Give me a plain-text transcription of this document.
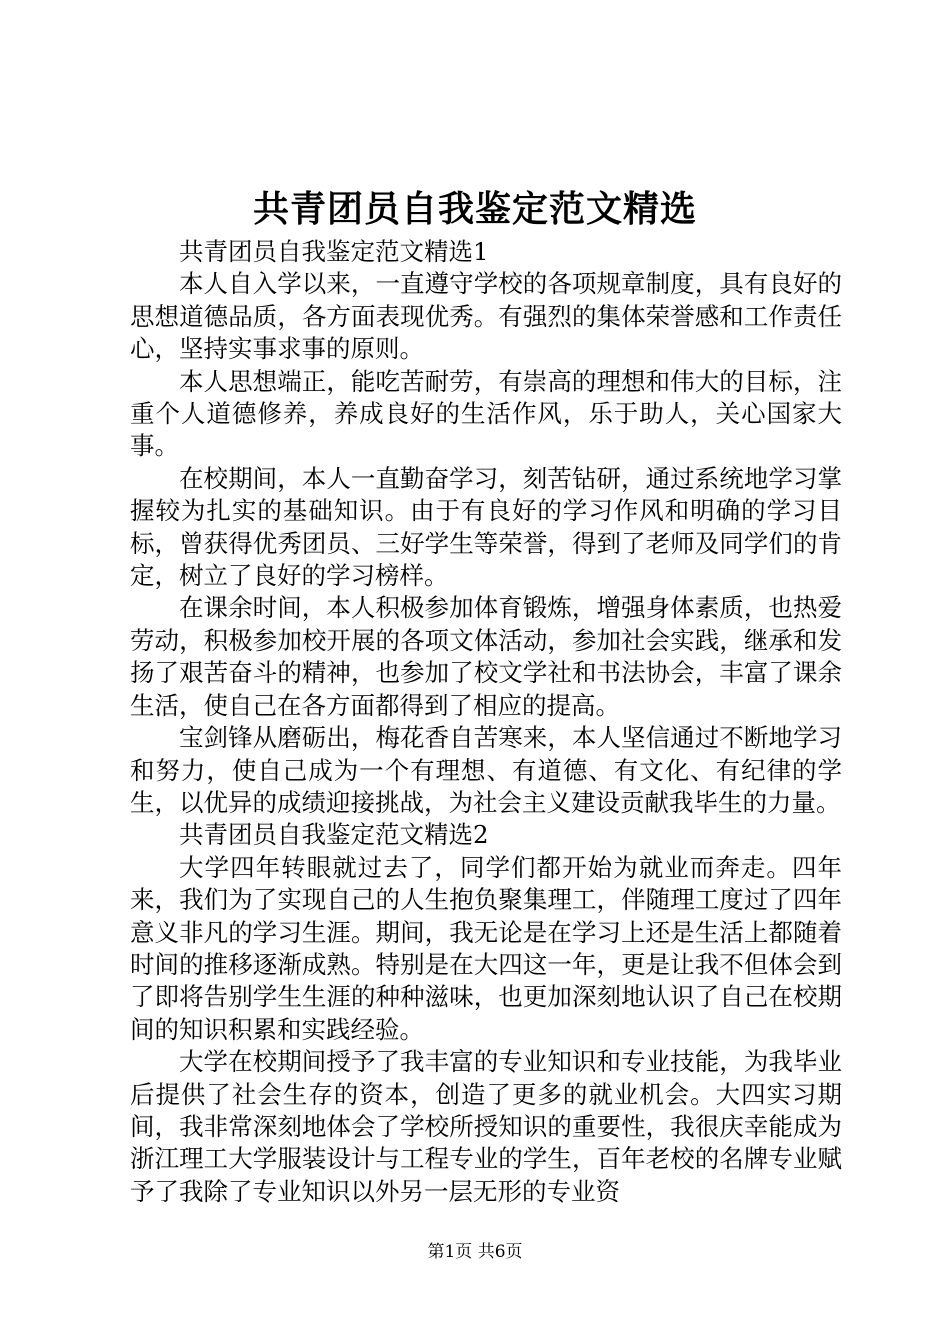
共青团员自我鉴定范文精选

共青团员自我鉴定范文精选1

本人自入学以来，一直遵守学校的各项规章制度，具有良好的思想道德品质，各方面表现优秀。有强烈的集体荣誉感和工作责任心，坚持实事求事的原则。

本人思想端正，能吃苦耐劳，有崇高的理想和伟大的目标，注重个人道德修养，养成良好的生活作风，乐于助人，关心国家大事。

在校期间，本人一直勤奋学习，刻苦钻研，通过系统地学习掌握较为扎实的基础知识。由于有良好的学习作风和明确的学习目标，曾获得优秀团员、三好学生等荣誉，得到了老师及同学们的肯定，树立了良好的学习榜样。

在课余时间，本人积极参加体育锻炼，增强身体素质，也热爱劳动，积极参加校开展的各项文体活动，参加社会实践，继承和发扬了艰苦奋斗的精神，也参加了校文学社和书法协会，丰富了课余生活，使自己在各方面都得到了相应的提高。

宝剑锋从磨砺出，梅花香自苦寒来，本人坚信通过不断地学习和努力，使自己成为一个有理想、有道德、有文化、有纪律的学生，以优异的成绩迎接挑战，为社会主义建设贡献我毕生的力量。

共青团员自我鉴定范文精选2

大学四年转眼就过去了，同学们都开始为就业而奔走。四年来，我们为了实现自己的人生抱负聚集理工，伴随理工度过了四年意义非凡的学习生涯。期间，我无论是在学习上还是生活上都随着时间的推移逐渐成熟。特别是在大四这一年，更是让我不但体会到了即将告别学生生涯的种种滋味，也更加深刻地认识了自己在校期间的知识积累和实践经验。

大学在校期间授予了我丰富的专业知识和专业技能，为我毕业后提供了社会生存的资本，创造了更多的就业机会。大四实习期间，我非常深刻地体会了学校所授知识的重要性，我很庆幸能成为浙江理工大学服装设计与工程专业的学生，百年老校的名牌专业赋予了我除了专业知识以外另一层无形的专业资

第1页 共6页
